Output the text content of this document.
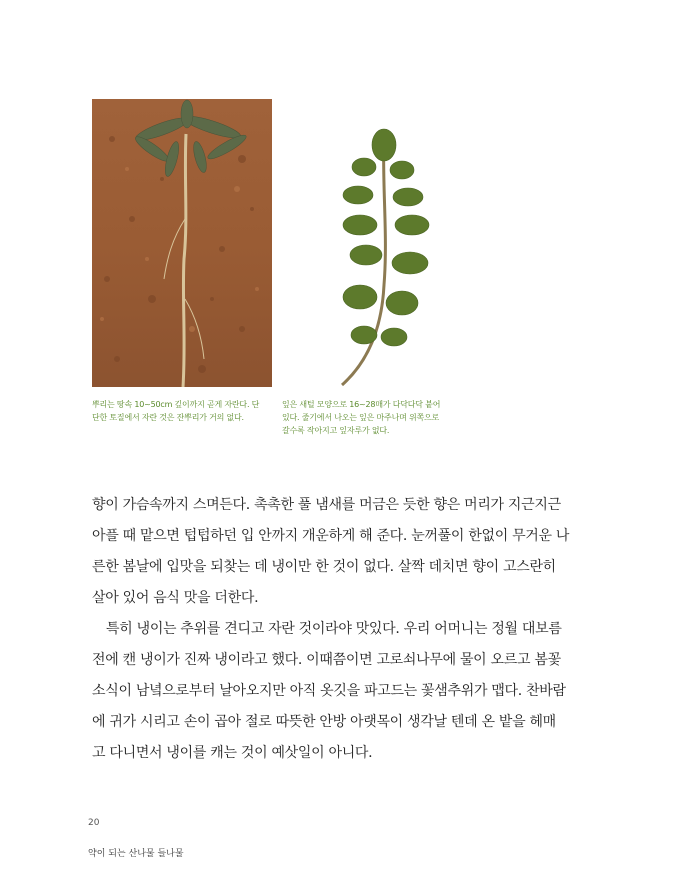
뿌리는 땅속 10~50cm 깊이까지 곧게 자란다. 단
단한 토질에서 자란 것은 잔뿌리가 거의 없다.
잎은 새털 모양으로 16~28매가 다닥다닥 붙어
있다. 줄기에서 나오는 잎은 마주나며 위쪽으로
갈수록 작아지고 잎자루가 없다.
향이 가슴속까지 스며든다. 촉촉한 풀 냄새를 머금은 듯한 향은 머리가 지근지근
아플 때 맡으면 텁텁하던 입 안까지 개운하게 해 준다. 눈꺼풀이 한없이 무거운 나
른한 봄날에 입맛을 되찾는 데 냉이만 한 것이 없다. 살짝 데치면 향이 고스란히
살아 있어 음식 맛을 더한다.
특히 냉이는 추위를 견디고 자란 것이라야 맛있다. 우리 어머니는 정월 대보름
전에 캔 냉이가 진짜 냉이라고 했다. 이때쯤이면 고로쇠나무에 물이 오르고 봄꽃
소식이 남녘으로부터 날아오지만 아직 옷깃을 파고드는 꽃샘추위가 맵다. 찬바람
에 귀가 시리고 손이 곱아 절로 따뜻한 안방 아랫목이 생각날 텐데 온 밭을 헤매
고 다니면서 냉이를 캐는 것이 예삿일이 아니다.
20
약이 되는 산나물 들나물
